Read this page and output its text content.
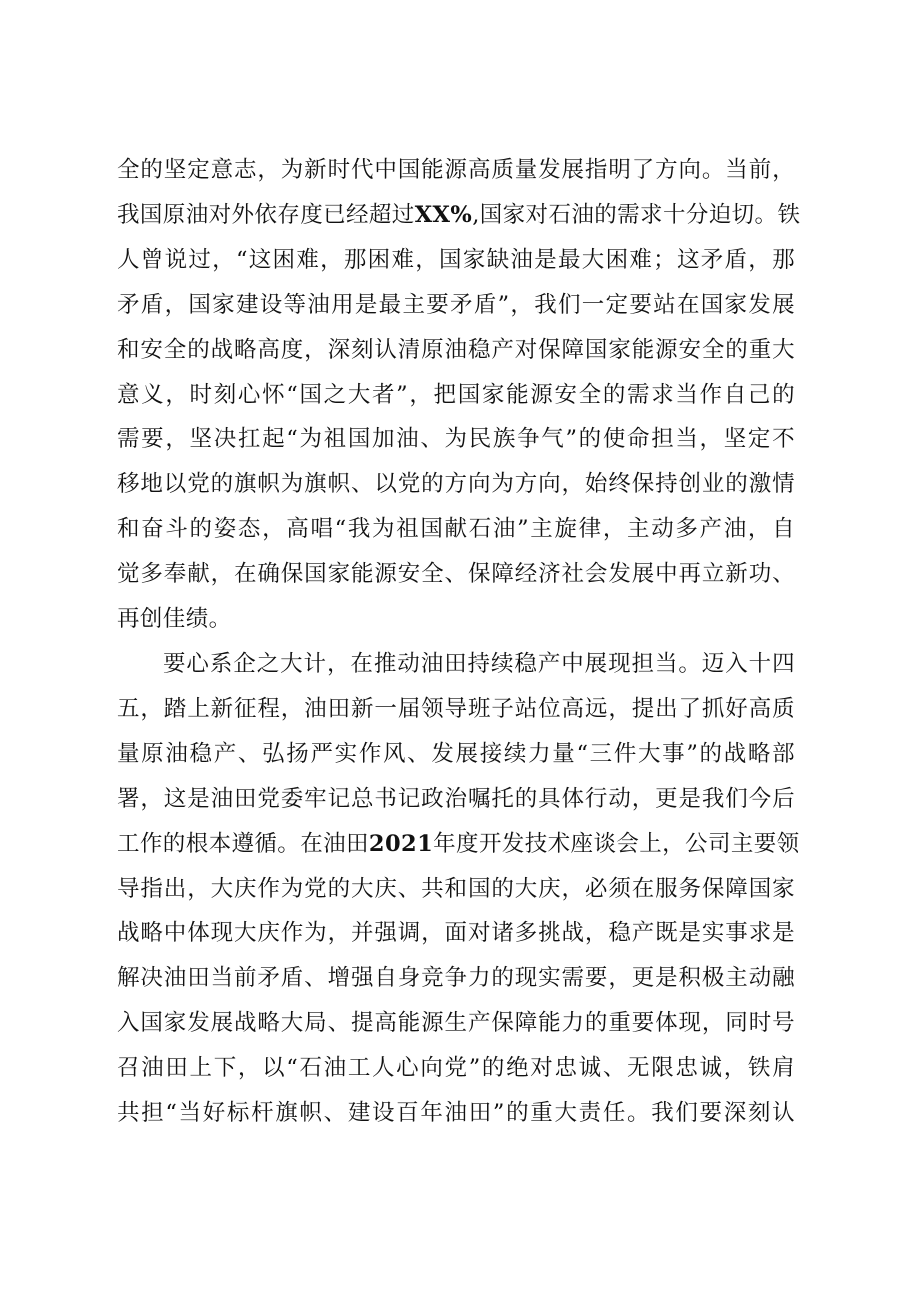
全的坚定意志，为新时代中国能源高质量发展指明了方向。当前，
我国原油对外依存度已经超过XX%,国家对石油的需求十分迫切。铁
人曾说过，“这困难，那困难，国家缺油是最大困难；这矛盾，那
矛盾，国家建设等油用是最主要矛盾”，我们一定要站在国家发展
和安全的战略高度，深刻认清原油稳产对保障国家能源安全的重大
意义，时刻心怀“国之大者”，把国家能源安全的需求当作自己的
需要，坚决扛起“为祖国加油、为民族争气”的使命担当，坚定不
移地以党的旗帜为旗帜、以党的方向为方向，始终保持创业的激情
和奋斗的姿态，高唱“我为祖国献石油”主旋律，主动多产油，自
觉多奉献，在确保国家能源安全、保障经济社会发展中再立新功、
再创佳绩。
要心系企之大计，在推动油田持续稳产中展现担当。迈入十四
五，踏上新征程，油田新一届领导班子站位高远，提出了抓好高质
量原油稳产、弘扬严实作风、发展接续力量“三件大事”的战略部
署，这是油田党委牢记总书记政治嘱托的具体行动，更是我们今后
工作的根本遵循。在油田2021年度开发技术座谈会上，公司主要领
导指出，大庆作为党的大庆、共和国的大庆，必须在服务保障国家
战略中体现大庆作为，并强调，面对诸多挑战，稳产既是实事求是
解决油田当前矛盾、增强自身竞争力的现实需要，更是积极主动融
入国家发展战略大局、提高能源生产保障能力的重要体现，同时号
召油田上下，以“石油工人心向党”的绝对忠诚、无限忠诚，铁肩
共担“当好标杆旗帜、建设百年油田”的重大责任。我们要深刻认
